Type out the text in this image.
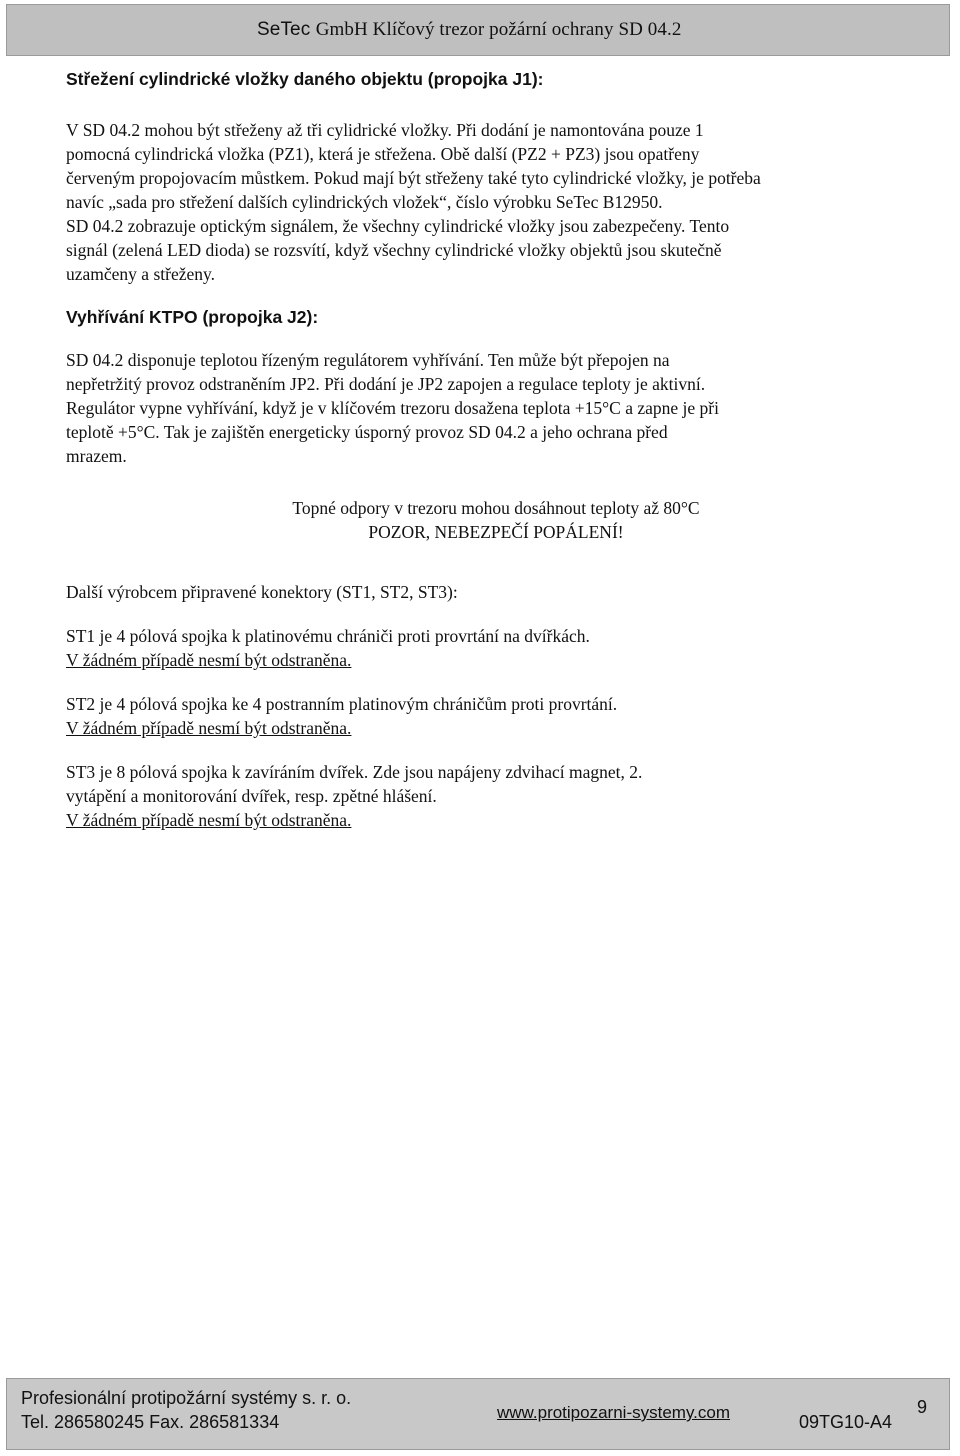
SeTec GmbH Klíčový trezor požární ochrany SD 04.2
Střežení cylindrické vložky daného objektu (propojka J1):

V SD 04.2 mohou být střeženy až tři cylidrické vložky. Při dodání je namontována pouze 1

pomocná cylindrická vložka (PZ1), která je střežena. Obě další (PZ2 + PZ3) jsou opatřeny

červeným propojovacím můstkem. Pokud mají být střeženy také tyto cylindrické vložky, je potřeba

navíc „sada pro střežení dalších cylindrických vložek“, číslo výrobku SeTec B12950.

SD 04.2 zobrazuje optickým signálem, že všechny cylindrické vložky jsou zabezpečeny. Tento

signál (zelená LED dioda) se rozsvítí, když všechny cylindrické vložky objektů jsou skutečně

uzamčeny a střeženy.

Vyhřívání KTPO (propojka J2):

SD 04.2 disponuje teplotou řízeným regulátorem vyhřívání. Ten může být přepojen na

nepřetržitý provoz odstraněním JP2. Při dodání je JP2 zapojen a regulace teploty je aktivní.

Regulátor vypne vyhřívání, když je v klíčovém trezoru dosažena teplota +15°C a zapne je při

teplotě +5°C. Tak je zajištěn energeticky úsporný provoz SD 04.2 a jeho ochrana před

mrazem.

Topné odpory v trezoru mohou dosáhnout teploty až 80°C

POZOR, NEBEZPEČÍ POPÁLENÍ!

Další výrobcem připravené konektory (ST1, ST2, ST3):

ST1 je 4 pólová spojka k platinovému chrániči proti provrtání na dvířkách.

V žádném případě nesmí být odstraněna.

ST2 je 4 pólová spojka ke 4 postranním platinovým chráničům proti provrtání.

V žádném případě nesmí být odstraněna.

ST3 je 8 pólová spojka k zavíráním dvířek. Zde jsou napájeny zdvihací magnet, 2.

vytápění a monitorování dvířek, resp. zpětné hlášení.

V žádném případě nesmí být odstraněna.

Profesionální protipožární systémy s. r. o.
Tel. 286580245 Fax. 286581334	www.protipozarni-systemy.com	09TG10-A4
9
